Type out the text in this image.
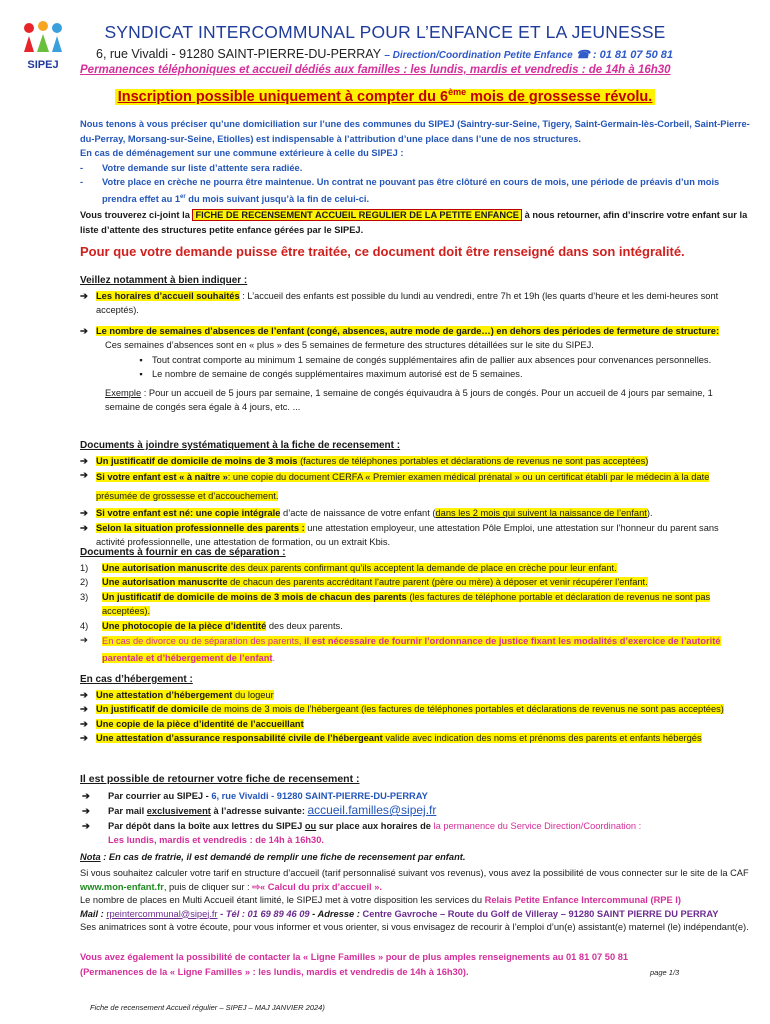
SIPEJ
SYNDICAT INTERCOMMUNAL POUR L’ENFANCE ET LA JEUNESSE
6, rue Vivaldi - 91280 SAINT-PIERRE-DU-PERRAY – Direction/Coordination Petite Enfance ☎ : 01 81 07 50 81
Permanences téléphoniques et accueil dédiés aux familles : les lundis, mardis et vendredis : de 14h à 16h30
Inscription possible uniquement à compter du 6ème mois de grossesse révolu.
Nous tenons à vous préciser qu’une domiciliation sur l’une des communes du SIPEJ (Saintry-sur-Seine, Tigery, Saint-Germain-lès-Corbeil, Saint-Pierre-du-Perray, Morsang-sur-Seine, Etiolles) est indispensable à l’attribution d’une place dans l’une de nos structures.
En cas de déménagement sur une commune extérieure à celle du SIPEJ :
- Votre demande sur liste d’attente sera radiée.

-	Votre place en crèche ne pourra être maintenue. Un contrat ne pouvant pas être clôturé en cours de mois, une période de préavis d’un mois prendra effet au 1er du mois suivant jusqu’à la fin de celui-ci.
Vous trouverez ci-joint la FICHE DE RECENSEMENT ACCUEIL REGULIER DE LA PETITE ENFANCE à nous retourner, afin d’inscrire votre enfant sur la liste d’attente des structures petite enfance gérées par le SIPEJ.
Pour que votre demande puisse être traitée, ce document doit être renseigné dans son intégralité.
Veillez notamment à bien indiquer :

➔ Les horaires d’accueil souhaités : L’accueil des enfants est possible du lundi au vendredi, entre 7h et 19h (les quarts d’heure et les demi-heures sont acceptés).
➔ Le nombre de semaines d’absences de l’enfant (congé, absences, autre mode de garde…) en dehors des périodes de fermeture de structure:
Ces semaines d’absences sont en « plus » des 5 semaines de fermeture des structures détaillées sur le site du SIPEJ.
▪	Tout contrat comporte au minimum 1 semaine de congés supplémentaires afin de pallier aux absences pour convenances personnelles.
▪	Le nombre de semaine de congés supplémentaires maximum autorisé est de 5 semaines.
Exemple : Pour un accueil de 5 jours par semaine, 1 semaine de congés équivaudra à 5 jours de congés. Pour un accueil de 4 jours par semaine, 1 semaine de congés sera égale à 4 jours, etc. ...
Documents à joindre systématiquement à la fiche de recensement :

➔ Un justificatif de domicile de moins de 3 mois (factures de téléphones portables et déclarations de revenus ne sont pas acceptées)
➔ Si votre enfant est « à naître »: une copie du document CERFA « Premier examen médical prénatal » ou un certificat établi par le médecin à la date présumée de grossesse et d’accouchement.
➔ Si votre enfant est né: une copie intégrale d’acte de naissance de votre enfant (dans les 2 mois qui suivent la naissance de l’enfant).
➔ Selon la situation professionnelle des parents : une attestation employeur, une attestation Pôle Emploi, une attestation sur l’honneur du parent sans activité professionnelle, une attestation de formation, ou un extrait Kbis.
Documents à fournir en cas de séparation :

1)	Une autorisation manuscrite des deux parents confirmant qu’ils acceptent la demande de place en crèche pour leur enfant.
2)	Une autorisation manuscrite de chacun des parents accréditant l’autre parent (père ou mère) à déposer et venir récupérer l’enfant.
3)	Un justificatif de domicile de moins de 3 mois de chacun des parents (les factures de téléphone portable et déclaration de revenus ne sont pas acceptées).
4)	Une photocopie de la pièce d’identité des deux parents.
➔	En cas de divorce ou de séparation des parents, il est nécessaire de fournir l’ordonnance de justice fixant les modalités d’exercice de l’autorité parentale et d’hébergement de l’enfant.
En cas d’hébergement :

➔ Une attestation d’hébergement du logeur
➔ Un justificatif de domicile de moins de 3 mois de l’hébergeant (les factures de téléphones portables et déclarations de revenus ne sont pas acceptées)
➔ Une copie de la pièce d’identité de l’accueillant
➔ Une attestation d’assurance responsabilité civile de l’hébergeant valide avec indication des noms et prénoms des parents et enfants hébergés
Il est possible de retourner votre fiche de recensement :

➔	Par courrier au SIPEJ - 6, rue Vivaldi - 91280 SAINT-PIERRE-DU-PERRAY
➔	Par mail exclusivement à l’adresse suivante: accueil.familles@sipej.fr
➔	Par dépôt dans la boîte aux lettres du SIPEJ ou sur place aux horaires de la permanence du Service Direction/Coordination :
Les lundis, mardis et vendredis : de 14h à 16h30.
Nota : En cas de fratrie, il est demandé de remplir une fiche de recensement par enfant.
Si vous souhaitez calculer votre tarif en structure d’accueil (tarif personnalisé suivant vos revenus), vous avez la possibilité de vous connecter sur le site de la CAF www.mon-enfant.fr, puis de cliquer sur : ⇨« Calcul du prix d’accueil ».
Le nombre de places en Multi Accueil étant limité, le SIPEJ met à votre disposition les services du Relais Petite Enfance Intercommunal (RPE I)
Mail : rpeintercommunal@sipej.fr - Tél : 01 69 89 46 09 - Adresse : Centre Gavroche – Route du Golf de Villeray – 91280 SAINT PIERRE DU PERRAY
Ses animatrices sont à votre écoute, pour vous informer et vous orienter, si vous envisagez de recourir à l’emploi d’un(e) assistant(e) maternel (le) indépendant(e).
Vous avez également la possibilité de contacter la « Ligne Familles » pour de plus amples renseignements au 01 81 07 50 81
(Permanences de la « Ligne Familles » : les lundis, mardis et vendredis de 14h à 16h30).	page 1/3
Fiche de recensement Accueil régulier – SIPEJ – MAJ JANVIER 2024)
